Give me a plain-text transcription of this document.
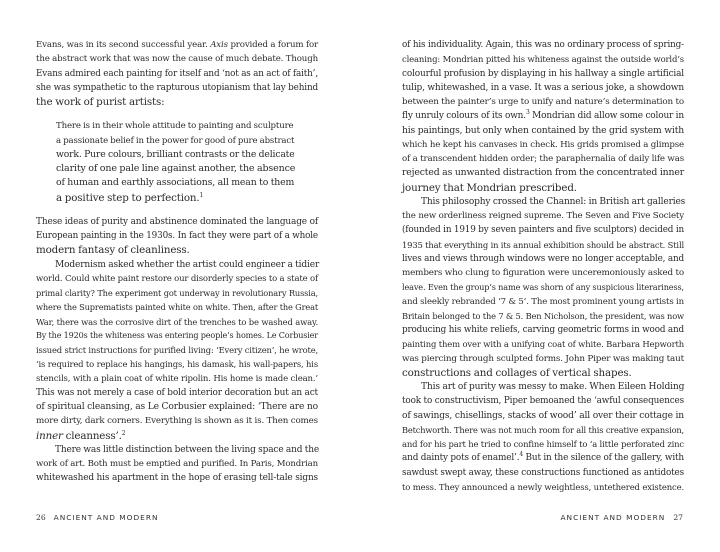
Evans, was in its second successful year. Axis provided a forum for
the abstract work that was now the cause of much debate. Though
Evans admired each painting for itself and ‘not as an act of faith’,
she was sympathetic to the rapturous utopianism that lay behind
the work of purist artists:
There is in their whole attitude to painting and sculpture
a passionate belief in the power for good of pure abstract
work. Pure colours, brilliant contrasts or the delicate
clarity of one pale line against another, the absence
of human and earthly associations, all mean to them
a positive step to perfection.$^1$
These ideas of purity and abstinence dominated the language of
European painting in the 1930s. In fact they were part of a whole
modern fantasy of cleanliness.
Modernism asked whether the artist could engineer a tidier
world. Could white paint restore our disorderly species to a state of
primal clarity? The experiment got underway in revolutionary Russia,
where the Suprematists painted white on white. Then, after the Great
War, there was the corrosive dirt of the trenches to be washed away.
By the 1920s the whiteness was entering people’s homes. Le Corbusier
issued strict instructions for purified living: ‘Every citizen’, he wrote,
‘is required to replace his hangings, his damask, his wall-papers, his
stencils, with a plain coat of white ripolin. His home is made clean.’
This was not merely a case of bold interior decoration but an act
of spiritual cleansing, as Le Corbusier explained: ‘There are no
more dirty, dark corners. Everything is shown as it is. Then comes
inner cleanness’.$^2$
There was little distinction between the living space and the
work of art. Both must be emptied and purified. In Paris, Mondrian
whitewashed his apartment in the hope of erasing tell-tale signs
26 ANCIENT AND MODERN
of his individuality. Again, this was no ordinary process of spring-
cleaning: Mondrian pitted his whiteness against the outside world’s
colourful profusion by displaying in his hallway a single artificial
tulip, whitewashed, in a vase. It was a serious joke, a showdown
between the painter’s urge to unify and nature’s determination to
fly unruly colours of its own.$^3$ Mondrian did allow some colour in
his paintings, but only when contained by the grid system with
which he kept his canvases in check. His grids promised a glimpse
of a transcendent hidden order; the paraphernalia of daily life was
rejected as unwanted distraction from the concentrated inner
journey that Mondrian prescribed.
This philosophy crossed the Channel: in British art galleries
the new orderliness reigned supreme. The Seven and Five Society
(founded in 1919 by seven painters and five sculptors) decided in
1935 that everything in its annual exhibition should be abstract. Still
lives and views through windows were no longer acceptable, and
members who clung to figuration were unceremoniously asked to
leave. Even the group’s name was shorn of any suspicious literariness,
and sleekly rebranded ‘7 & 5’. The most prominent young artists in
Britain belonged to the 7 & 5. Ben Nicholson, the president, was now
producing his white reliefs, carving geometric forms in wood and
painting them over with a unifying coat of white. Barbara Hepworth
was piercing through sculpted forms. John Piper was making taut
constructions and collages of vertical shapes.
This art of purity was messy to make. When Eileen Holding
took to constructivism, Piper bemoaned the ‘awful consequences
of sawings, chisellings, stacks of wood’ all over their cottage in
Betchworth. There was not much room for all this creative expansion,
and for his part he tried to confine himself to ‘a little perforated zinc
and dainty pots of enamel’.$^4$ But in the silence of the gallery, with
sawdust swept away, these constructions functioned as antidotes
to mess. They announced a newly weightless, untethered existence.
ANCIENT AND MODERN 27
